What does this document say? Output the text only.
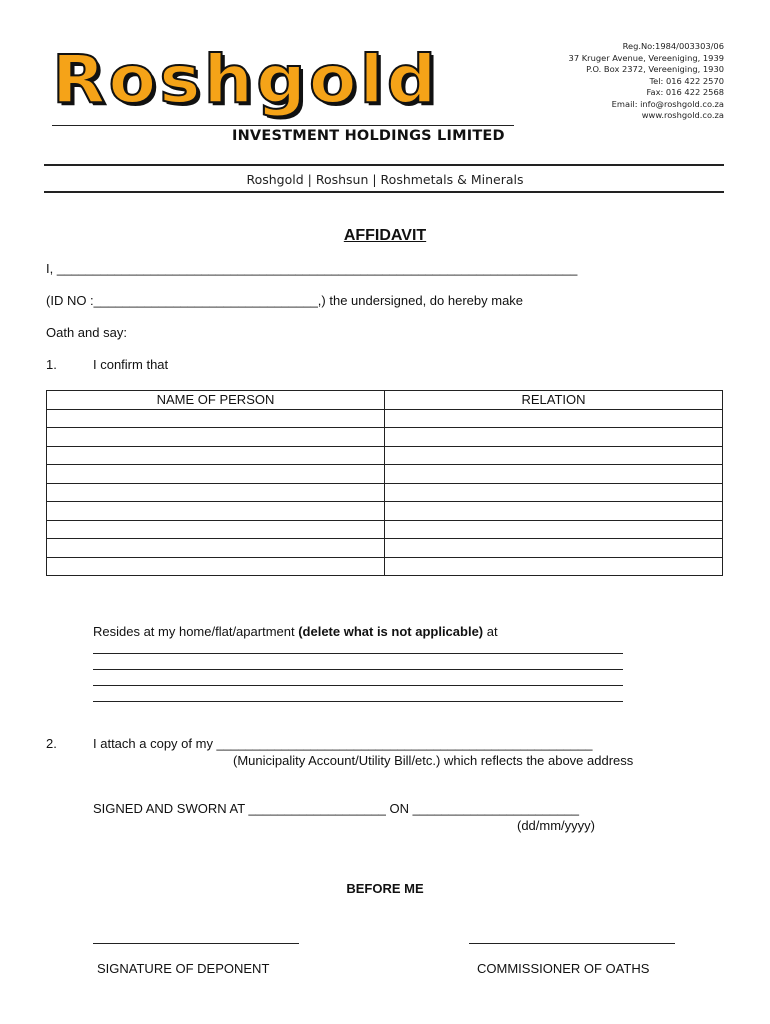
Roshgold
INVESTMENT HOLDINGS LIMITED
Reg.No:1984/003303/06
37 Kruger Avenue, Vereeniging, 1939
P.O. Box 2372, Vereeniging, 1930
Tel: 016 422 2570
Fax: 016 422 2568
Email: info@roshgold.co.za
www.roshgold.co.za
Roshgold | Roshsun | Roshmetals & Minerals
AFFIDAVIT
I, ________________________________________________________________________
(ID NO :_______________________________,) the undersigned, do hereby make
Oath and say:
1.	I confirm that
NAME OF PERSON	RELATION

Resides at my home/flat/apartment (delete what is not applicable) at
2.	I attach a copy of my ____________________________________________________
(Municipality Account/Utility Bill/etc.) which reflects the above address
SIGNED AND SWORN AT ___________________ ON _______________________
(dd/mm/yyyy)
BEFORE ME
SIGNATURE OF DEPONENT	COMMISSIONER OF OATHS
